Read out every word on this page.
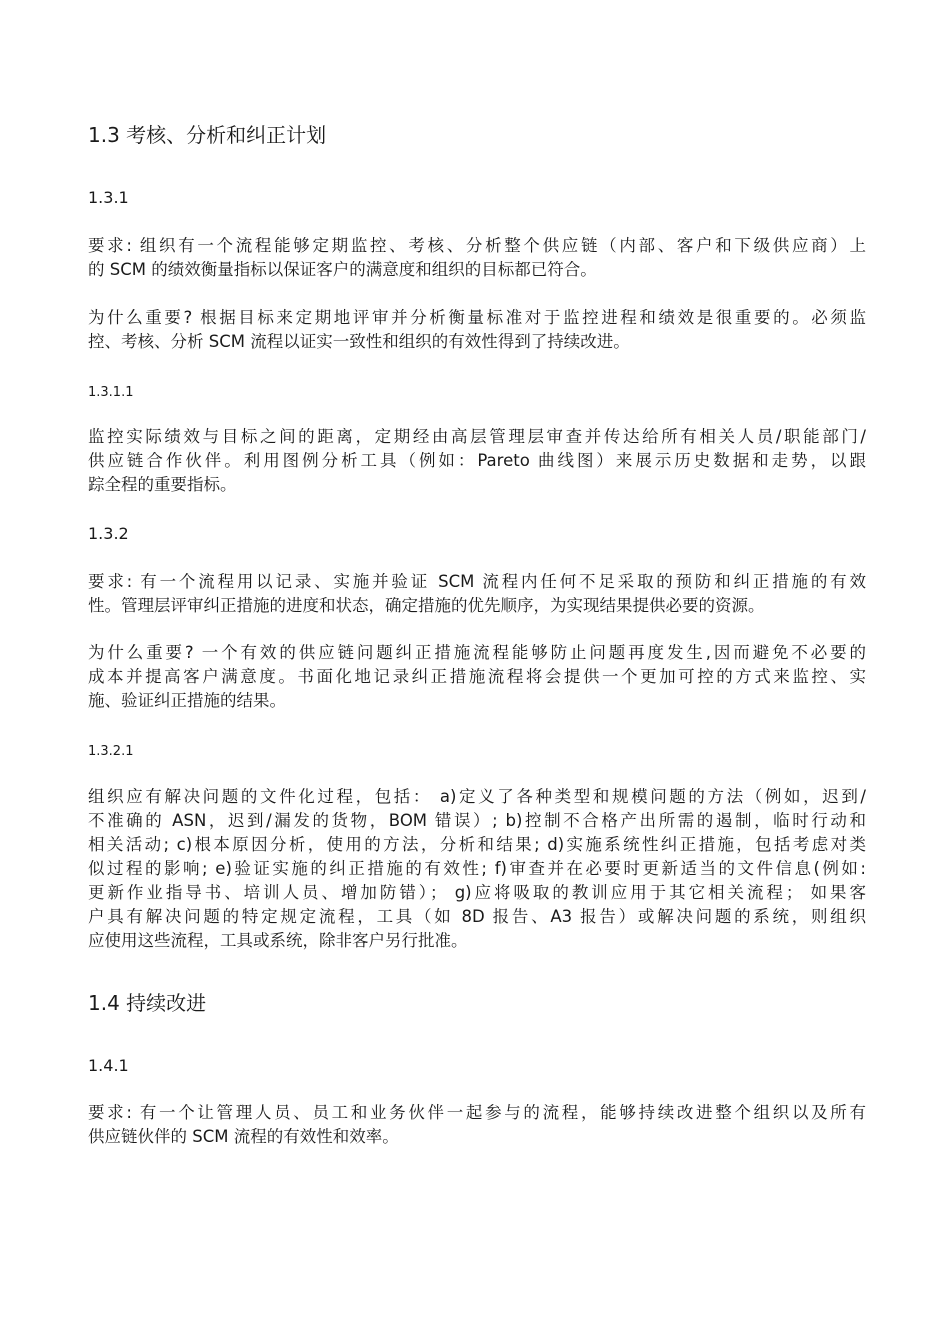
1.3 考核、分析和纠正计划
1.3.1
要求: 组织有一个流程能够定期监控、考核、分析整个供应链（内部、客户和下级供应商）上
的 SCM 的绩效衡量指标以保证客户的满意度和组织的目标都已符合。
为什么重要? 根据目标来定期地评审并分析衡量标准对于监控进程和绩效是很重要的。必须监
控、考核、分析 SCM 流程以证实一致性和组织的有效性得到了持续改进。
1.3.1.1
监控实际绩效与目标之间的距离，定期经由高层管理层审查并传达给所有相关人员/职能部门/
供应链合作伙伴。利用图例分析工具（例如：Pareto 曲线图）来展示历史数据和走势，以跟
踪全程的重要指标。
1.3.2
要求: 有一个流程用以记录、实施并验证 SCM 流程内任何不足采取的预防和纠正措施的有效
性。管理层评审纠正措施的进度和状态，确定措施的优先顺序，为实现结果提供必要的资源。
为什么重要? 一个有效的供应链问题纠正措施流程能够防止问题再度发生,因而避免不必要的
成本并提高客户满意度。书面化地记录纠正措施流程将会提供一个更加可控的方式来监控、实
施、验证纠正措施的结果。
1.3.2.1
组织应有解决问题的文件化过程，包括： a)定义了各种类型和规模问题的方法（例如，迟到/
不准确的 ASN，迟到/漏发的货物，BOM 错误）; b)控制不合格产出所需的遏制，临时行动和
相关活动; c)根本原因分析，使用的方法，分析和结果; d)实施系统性纠正措施，包括考虑对类
似过程的影响; e)验证实施的纠正措施的有效性; f)审查并在必要时更新适当的文件信息(例如:
更新作业指导书、培训人员、增加防错）； g)应将吸取的教训应用于其它相关流程； 如果客
户具有解决问题的特定规定流程，工具（如 8D 报告、A3 报告）或解决问题的系统，则组织
应使用这些流程，工具或系统，除非客户另行批准。
1.4 持续改进
1.4.1
要求: 有一个让管理人员、员工和业务伙伴一起参与的流程，能够持续改进整个组织以及所有
供应链伙伴的 SCM 流程的有效性和效率。
